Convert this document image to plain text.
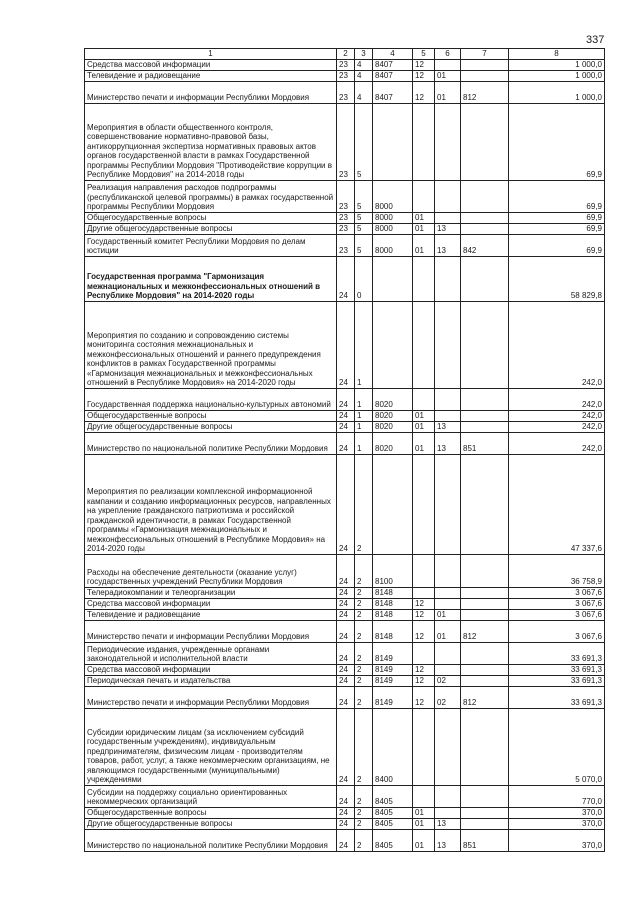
337
1	2	3	4	5	6	7	8
Средства массовой информации	23	4	8407	12			1 000,0
Телевидение и радиовещание	23	4	8407	12	01		1 000,0
Министерство печати и информации Республики Мордовия	23	4	8407	12	01	812	1 000,0
Мероприятия в области общественного контроля, совершенствование нормативно-правовой базы, антикоррупционная экспертиза нормативных правовых актов органов государственной власти в рамках Государственной программы Республики Мордовия "Противодействие коррупции в Республике Мордовия" на 2014-2018 годы	23	5					69,9
Реализация направления расходов подпрограммы (республиканской целевой программы) в рамках государственной программы Республики Мордовия	23	5	8000				69,9
Общегосударственные вопросы	23	5	8000	01			69,9
Другие общегосударственные вопросы	23	5	8000	01	13		69,9
Государственный комитет Республики Мордовия по делам юстиции	23	5	8000	01	13	842	69,9
Государственная программа "Гармонизация межнациональных и межконфессиональных отношений в Республике Мордовия" на 2014-2020 годы	24	0					58 829,8
Мероприятия по созданию и сопровождению системы мониторинга состояния межнациональных и межконфессиональных отношений и раннего предупреждения конфликтов в рамках Государственной программы «Гармонизация межнациональных и межконфессиональных отношений в Республике Мордовия» на 2014-2020 годы	24	1					242,0
Государственная поддержка национально-культурных автономий	24	1	8020				242,0
Общегосударственные вопросы	24	1	8020	01			242,0
Другие общегосударственные вопросы	24	1	8020	01	13		242,0
Министерство по национальной политике Республики Мордовия	24	1	8020	01	13	851	242,0
Мероприятия по реализации комплексной информационной кампании и созданию информационных ресурсов, направленных на укрепление гражданского патриотизма и российской гражданской идентичности, в рамках Государственной программы «Гармонизация межнациональных и межконфессиональных отношений в Республике Мордовия» на 2014-2020 годы	24	2					47 337,6
Расходы на обеспечение деятельности (оказание услуг) государственных учреждений Республики Мордовия	24	2	8100				36 758,9
Телерадиокомпании и телеорганизации	24	2	8148				3 067,6
Средства массовой информации	24	2	8148	12			3 067,6
Телевидение и радиовещание	24	2	8148	12	01		3 067,6
Министерство печати и информации Республики Мордовия	24	2	8148	12	01	812	3 067,6
Периодические издания, учрежденные органами законодательной и исполнительной власти	24	2	8149				33 691,3
Средства массовой информации	24	2	8149	12			33 691,3
Периодическая печать и издательства	24	2	8149	12	02		33 691,3
Министерство печати и информации Республики Мордовия	24	2	8149	12	02	812	33 691,3
Субсидии юридическим лицам (за исключением субсидий государственным учреждениям), индивидуальным предпринимателям, физическим лицам - производителям товаров, работ, услуг, а также некоммерческим организациям, не являющимся государственными (муниципальными) учреждениями	24	2	8400				5 070,0
Субсидии на поддержку социально ориентированных некоммерческих организаций	24	2	8405				770,0
Общегосударственные вопросы	24	2	8405	01			370,0
Другие общегосударственные вопросы	24	2	8405	01	13		370,0
Министерство по национальной политике Республики Мордовия	24	2	8405	01	13	851	370,0
